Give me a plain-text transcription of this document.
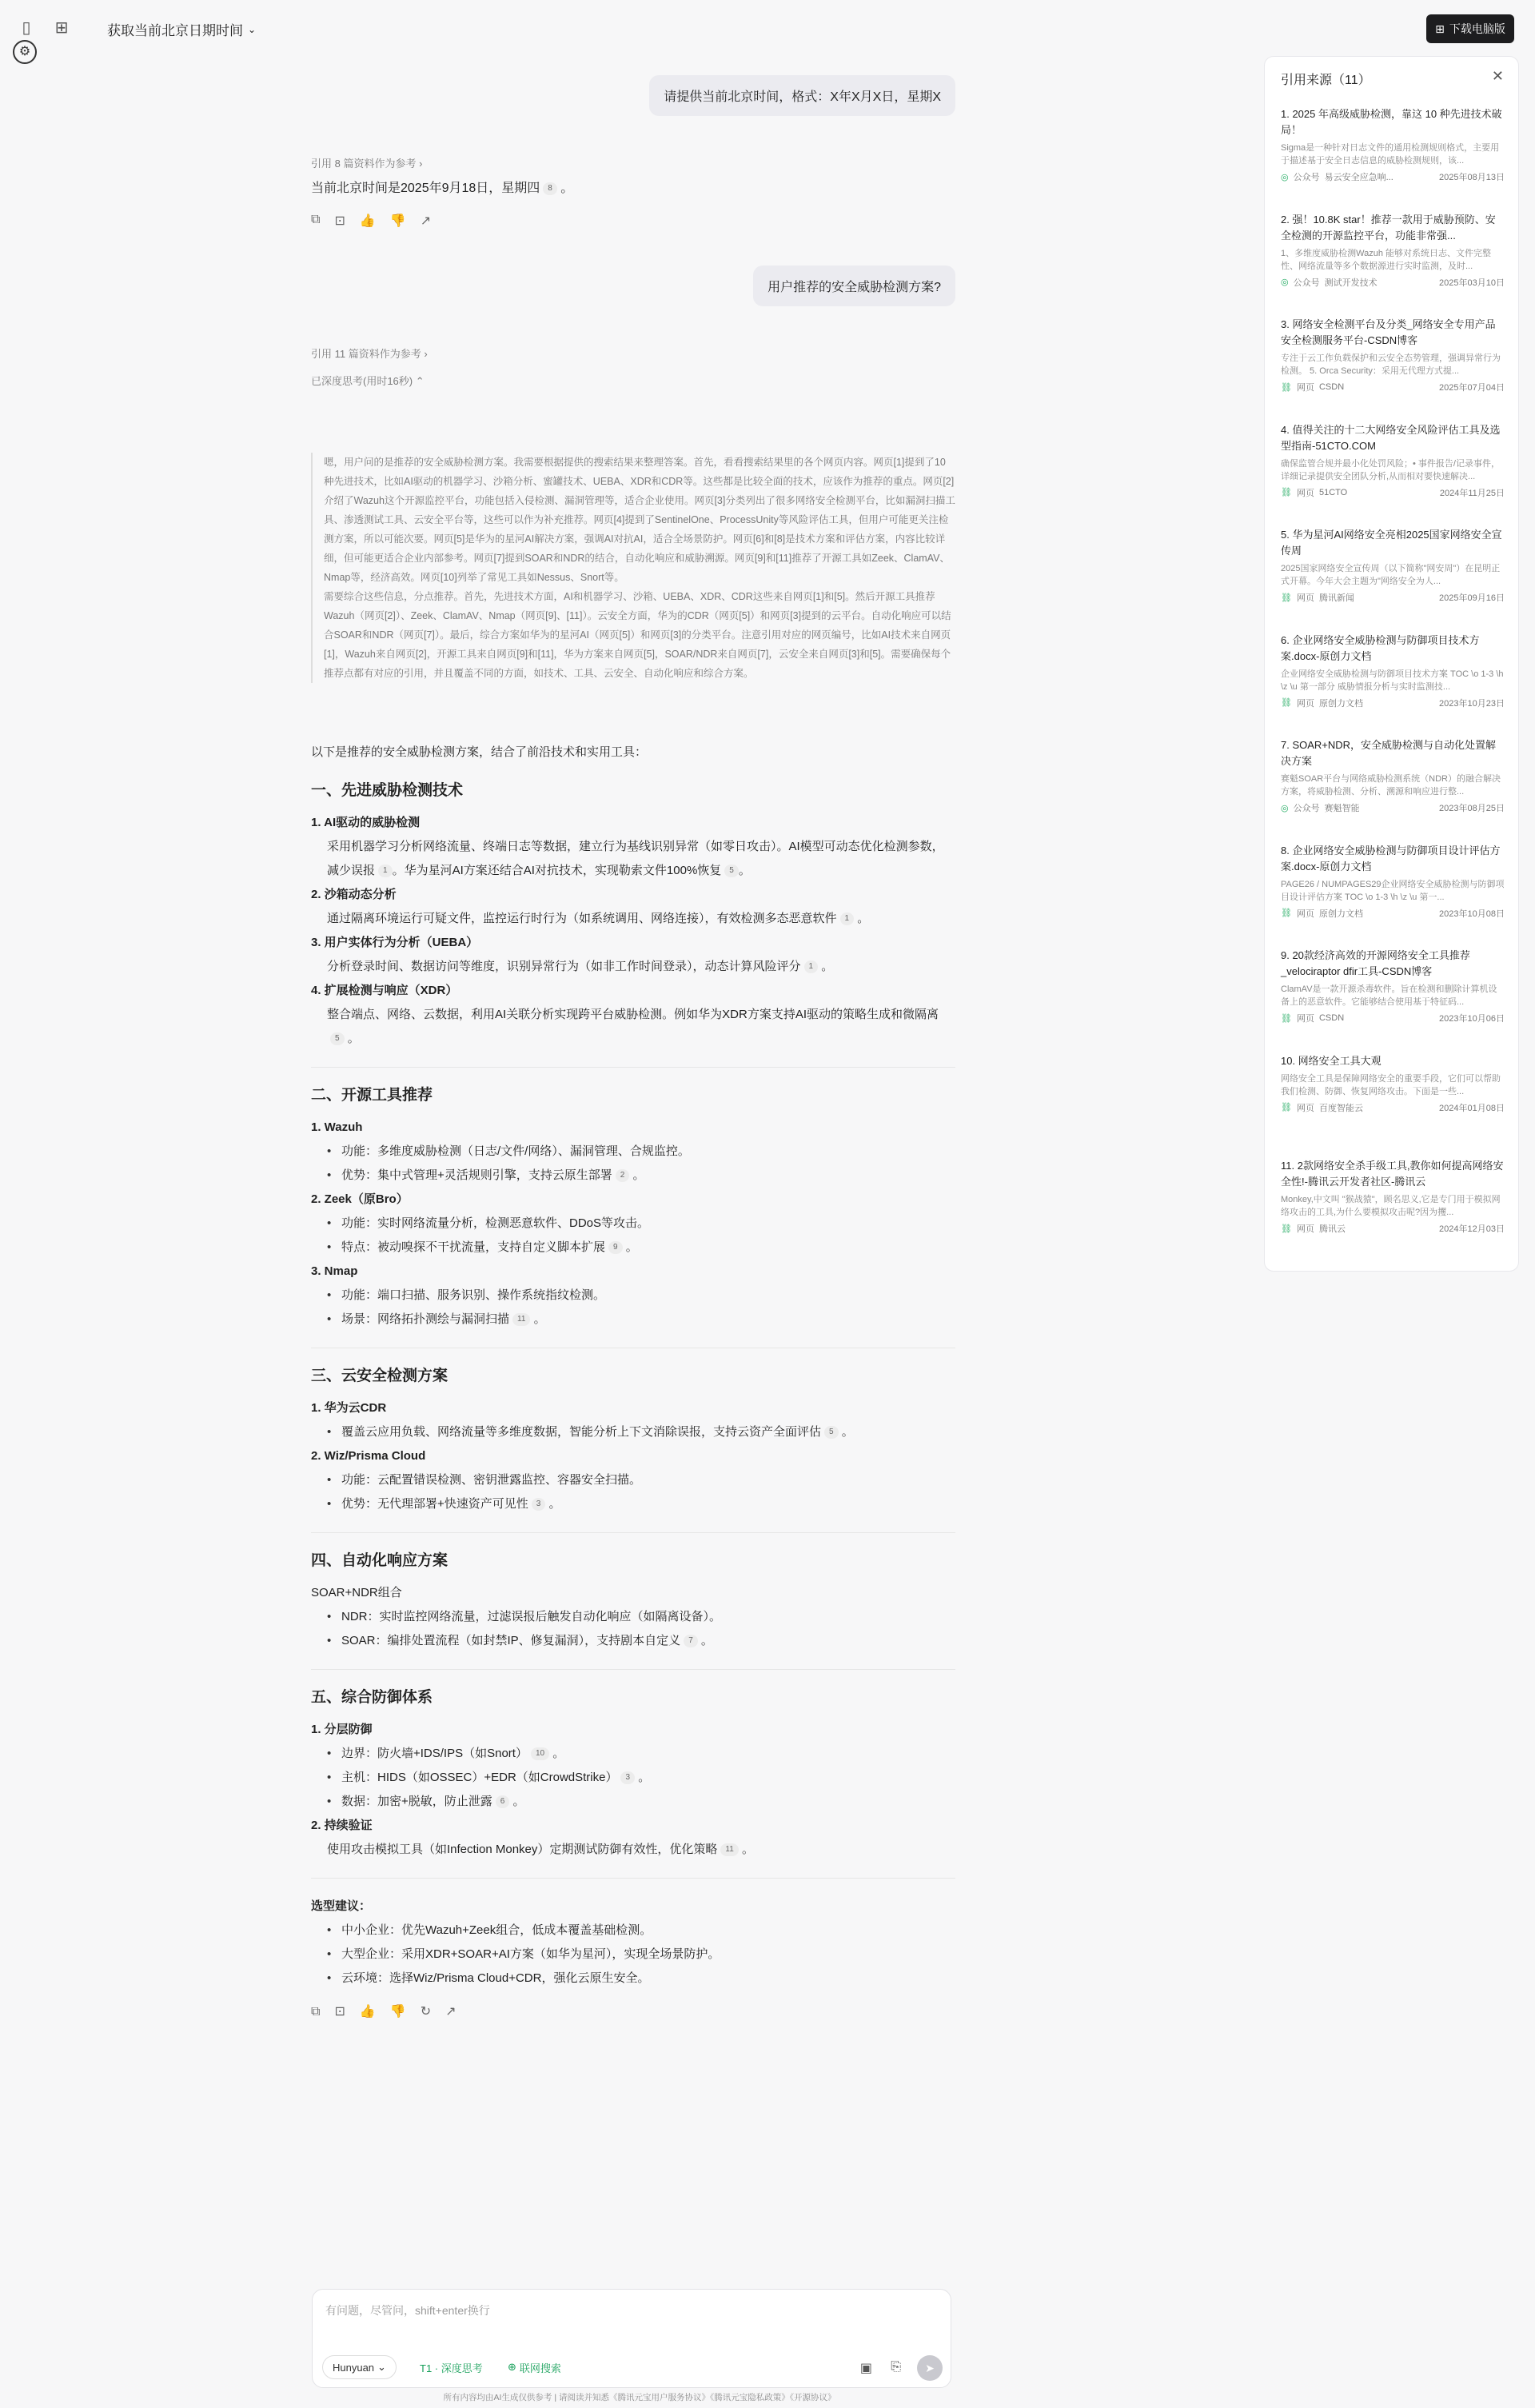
▯	⊞	获取当前北京日期时间 ⌄	⊞ 下载电脑版
⚙
请提供当前北京时间，格式：X年X月X日，星期X
引用 8 篇资料作为参考 ›
当前北京时间是2025年9月18日，星期四 8 。
⧉ ⊡ 👍 👎 ↗
用户推荐的安全威胁检测方案?
引用 11 篇资料作为参考 ›
已深度思考(用时16秒) ⌃

嗯，用户问的是推荐的安全威胁检测方案。我需要根据提供的搜索结果来整理答案。首先，看看搜索结果里的各个网页内容。网页[1]提到了10种先进技术，比如AI驱动的机器学习、沙箱分析、蜜罐技术、UEBA、XDR和CDR等。这些都是比较全面的技术，应该作为推荐的重点。网页[2]介绍了Wazuh这个开源监控平台，功能包括入侵检测、漏洞管理等，适合企业使用。网页[3]分类列出了很多网络安全检测平台，比如漏洞扫描工具、渗透测试工具、云安全平台等，这些可以作为补充推荐。网页[4]提到了SentinelOne、ProcessUnity等风险评估工具，但用户可能更关注检测方案，所以可能次要。网页[5]是华为的星河AI解决方案，强调AI对抗AI，适合全场景防护。网页[6]和[8]是技术方案和评估方案，内容比较详细，但可能更适合企业内部参考。网页[7]提到SOAR和NDR的结合，自动化响应和威胁溯源。网页[9]和[11]推荐了开源工具如Zeek、ClamAV、Nmap等，经济高效。网页[10]列举了常见工具如Nessus、Snort等。

需要综合这些信息，分点推荐。首先，先进技术方面，AI和机器学习、沙箱、UEBA、XDR、CDR这些来自网页[1]和[5]。然后开源工具推荐Wazuh（网页[2]）、Zeek、ClamAV、Nmap（网页[9]、[11]）。云安全方面，华为的CDR（网页[5]）和网页[3]提到的云平台。自动化响应可以结合SOAR和NDR（网页[7]）。最后，综合方案如华为的星河AI（网页[5]）和网页[3]的分类平台。注意引用对应的网页编号，比如AI技术来自网页[1]，Wazuh来自网页[2]，开源工具来自网页[9]和[11]，华为方案来自网页[5]，SOAR/NDR来自网页[7]，云安全来自网页[3]和[5]。需要确保每个推荐点都有对应的引用，并且覆盖不同的方面，如技术、工具、云安全、自动化响应和综合方案。

以下是推荐的安全威胁检测方案，结合了前沿技术和实用工具：

一、先进威胁检测技术
1. AI驱动的威胁检测
采用机器学习分析网络流量、终端日志等数据，建立行为基线识别异常（如零日攻击）。AI模型可动态优化检测参数，减少误报 1 。华为星河AI方案还结合AI对抗技术，实现勒索文件100%恢复 5 。
2. 沙箱动态分析
通过隔离环境运行可疑文件，监控运行时行为（如系统调用、网络连接），有效检测多态恶意软件 1 。
3. 用户实体行为分析（UEBA）
分析登录时间、数据访问等维度，识别异常行为（如非工作时间登录），动态计算风险评分 1 。
4. 扩展检测与响应（XDR）
整合端点、网络、云数据，利用AI关联分析实现跨平台威胁检测。例如华为XDR方案支持AI驱动的策略生成和微隔离5 。
二、开源工具推荐
1. Wazuh
• 功能：多维度威胁检测（日志/文件/网络）、漏洞管理、合规监控。
• 优势：集中式管理+灵活规则引擎，支持云原生部署 2 。
2. Zeek（原Bro）
• 功能：实时网络流量分析，检测恶意软件、DDoS等攻击。
• 特点：被动嗅探不干扰流量，支持自定义脚本扩展 9 。
3. Nmap
• 功能：端口扫描、服务识别、操作系统指纹检测。
• 场景：网络拓扑测绘与漏洞扫描 11 。
三、云安全检测方案
1. 华为云CDR
• 覆盖云应用负载、网络流量等多维度数据，智能分析上下文消除误报，支持云资产全面评估 5 。
2. Wiz/Prisma Cloud
• 功能：云配置错误检测、密钥泄露监控、容器安全扫描。
• 优势：无代理部署+快速资产可见性 3 。
四、自动化响应方案
SOAR+NDR组合
• NDR：实时监控网络流量，过滤误报后触发自动化响应（如隔离设备）。
• SOAR：编排处置流程（如封禁IP、修复漏洞），支持剧本自定义 7 。
五、综合防御体系
1. 分层防御
• 边界：防火墙+IDS/IPS（如Snort） 10 。
• 主机：HIDS（如OSSEC）+EDR（如CrowdStrike） 3 。
• 数据：加密+脱敏，防止泄露 6 。
2. 持续验证
使用攻击模拟工具（如Infection Monkey）定期测试防御有效性，优化策略 11 。
选型建议：
• 中小企业：优先Wazuh+Zeek组合，低成本覆盖基础检测。
• 大型企业：采用XDR+SOAR+AI方案（如华为星河），实现全场景防护。
• 云环境：选择Wiz/Prisma Cloud+CDR，强化云原生安全。
⧉ ⊡ 👍 👎 ↻ ↗
有问题，尽管问，shift+enter换行
Hunyuan ⌄	T1 · 深度思考 ⊕ 联网搜索	▣ ⎘	➤
所有内容均由AI生成仅供参考 | 请阅读并知悉《腾讯元宝用户服务协议》《腾讯元宝隐私政策》《开源协议》
引用来源（11）	✕
1. 2025 年高级威胁检测，靠这 10 种先进技术破局！
Sigma是一种针对日志文件的通用检测规则格式，主要用于描述基于安全日志信息的威胁检测规则，该...
◎ 公众号 易云安全应急响...	2025年08月13日
2. 强！10.8K star！推荐一款用于威胁预防、安全检测的开源监控平台，功能非常强...
1、多维度威胁检测Wazuh 能够对系统日志、文件完整性、网络流量等多个数据源进行实时监测，及时...
◎ 公众号 测试开发技术	2025年03月10日
3. 网络安全检测平台及分类_网络安全专用产品安全检测服务平台-CSDN博客
专注于云工作负载保护和云安全态势管理，强调异常行为检测。 5. Orca Security：采用无代理方式提...
⛓ 网页 CSDN	2025年07月04日
4. 值得关注的十二大网络安全风险评估工具及选型指南-51CTO.COM
确保监管合规并最小化处罚风险；• 事件报告/记录事件，详细记录提供安全团队分析,从而相对要快速解决...
⛓ 网页 51CTO	2024年11月25日
5. 华为星河AI网络安全亮相2025国家网络安全宣传周
2025国家网络安全宣传周（以下简称"网安周"）在昆明正式开幕。今年大会主题为"网络安全为人...
⛓ 网页 腾讯新闻	2025年09月16日
6. 企业网络安全威胁检测与防御项目技术方案.docx-原创力文档
企业网络安全威胁检测与防御项目技术方案 TOC \o 1-3 \h \z \u 第一部分 威胁情报分析与实时监测技...
⛓ 网页 原创力文档	2023年10月23日
7. SOAR+NDR，安全威胁检测与自动化处置解决方案
赛魁SOAR平台与网络威胁检测系统（NDR）的融合解决方案，将威胁检测、分析、溯源和响应进行整...
◎ 公众号 赛魁智能	2023年08月25日
8. 企业网络安全威胁检测与防御项目设计评估方案.docx-原创力文档
PAGE26 / NUMPAGES29企业网络安全威胁检测与防御项目设计评估方案 TOC \o 1-3 \h \z \u 第一...
⛓ 网页 原创力文档	2023年10月08日
9. 20款经济高效的开源网络安全工具推荐_velociraptor dfir工具-CSDN博客
ClamAV是一款开源杀毒软件。旨在检测和删除计算机设备上的恶意软件。它能够结合使用基于特征码...
⛓ 网页 CSDN	2023年10月06日
10. 网络安全工具大观
网络安全工具是保障网络安全的重要手段，它们可以帮助我们检测、防御、恢复网络攻击。下面是一些...
⛓ 网页 百度智能云	2024年01月08日
11. 2款网络安全杀手级工具,教你如何提高网络安全性!-腾讯云开发者社区-腾讯云
Monkey,中文叫 "猴战猿"，顾名思义,它是专门用于模拟网络攻击的工具,为什么要模拟攻击呢?因为攫...
⛓ 网页 腾讯云	2024年12月03日
